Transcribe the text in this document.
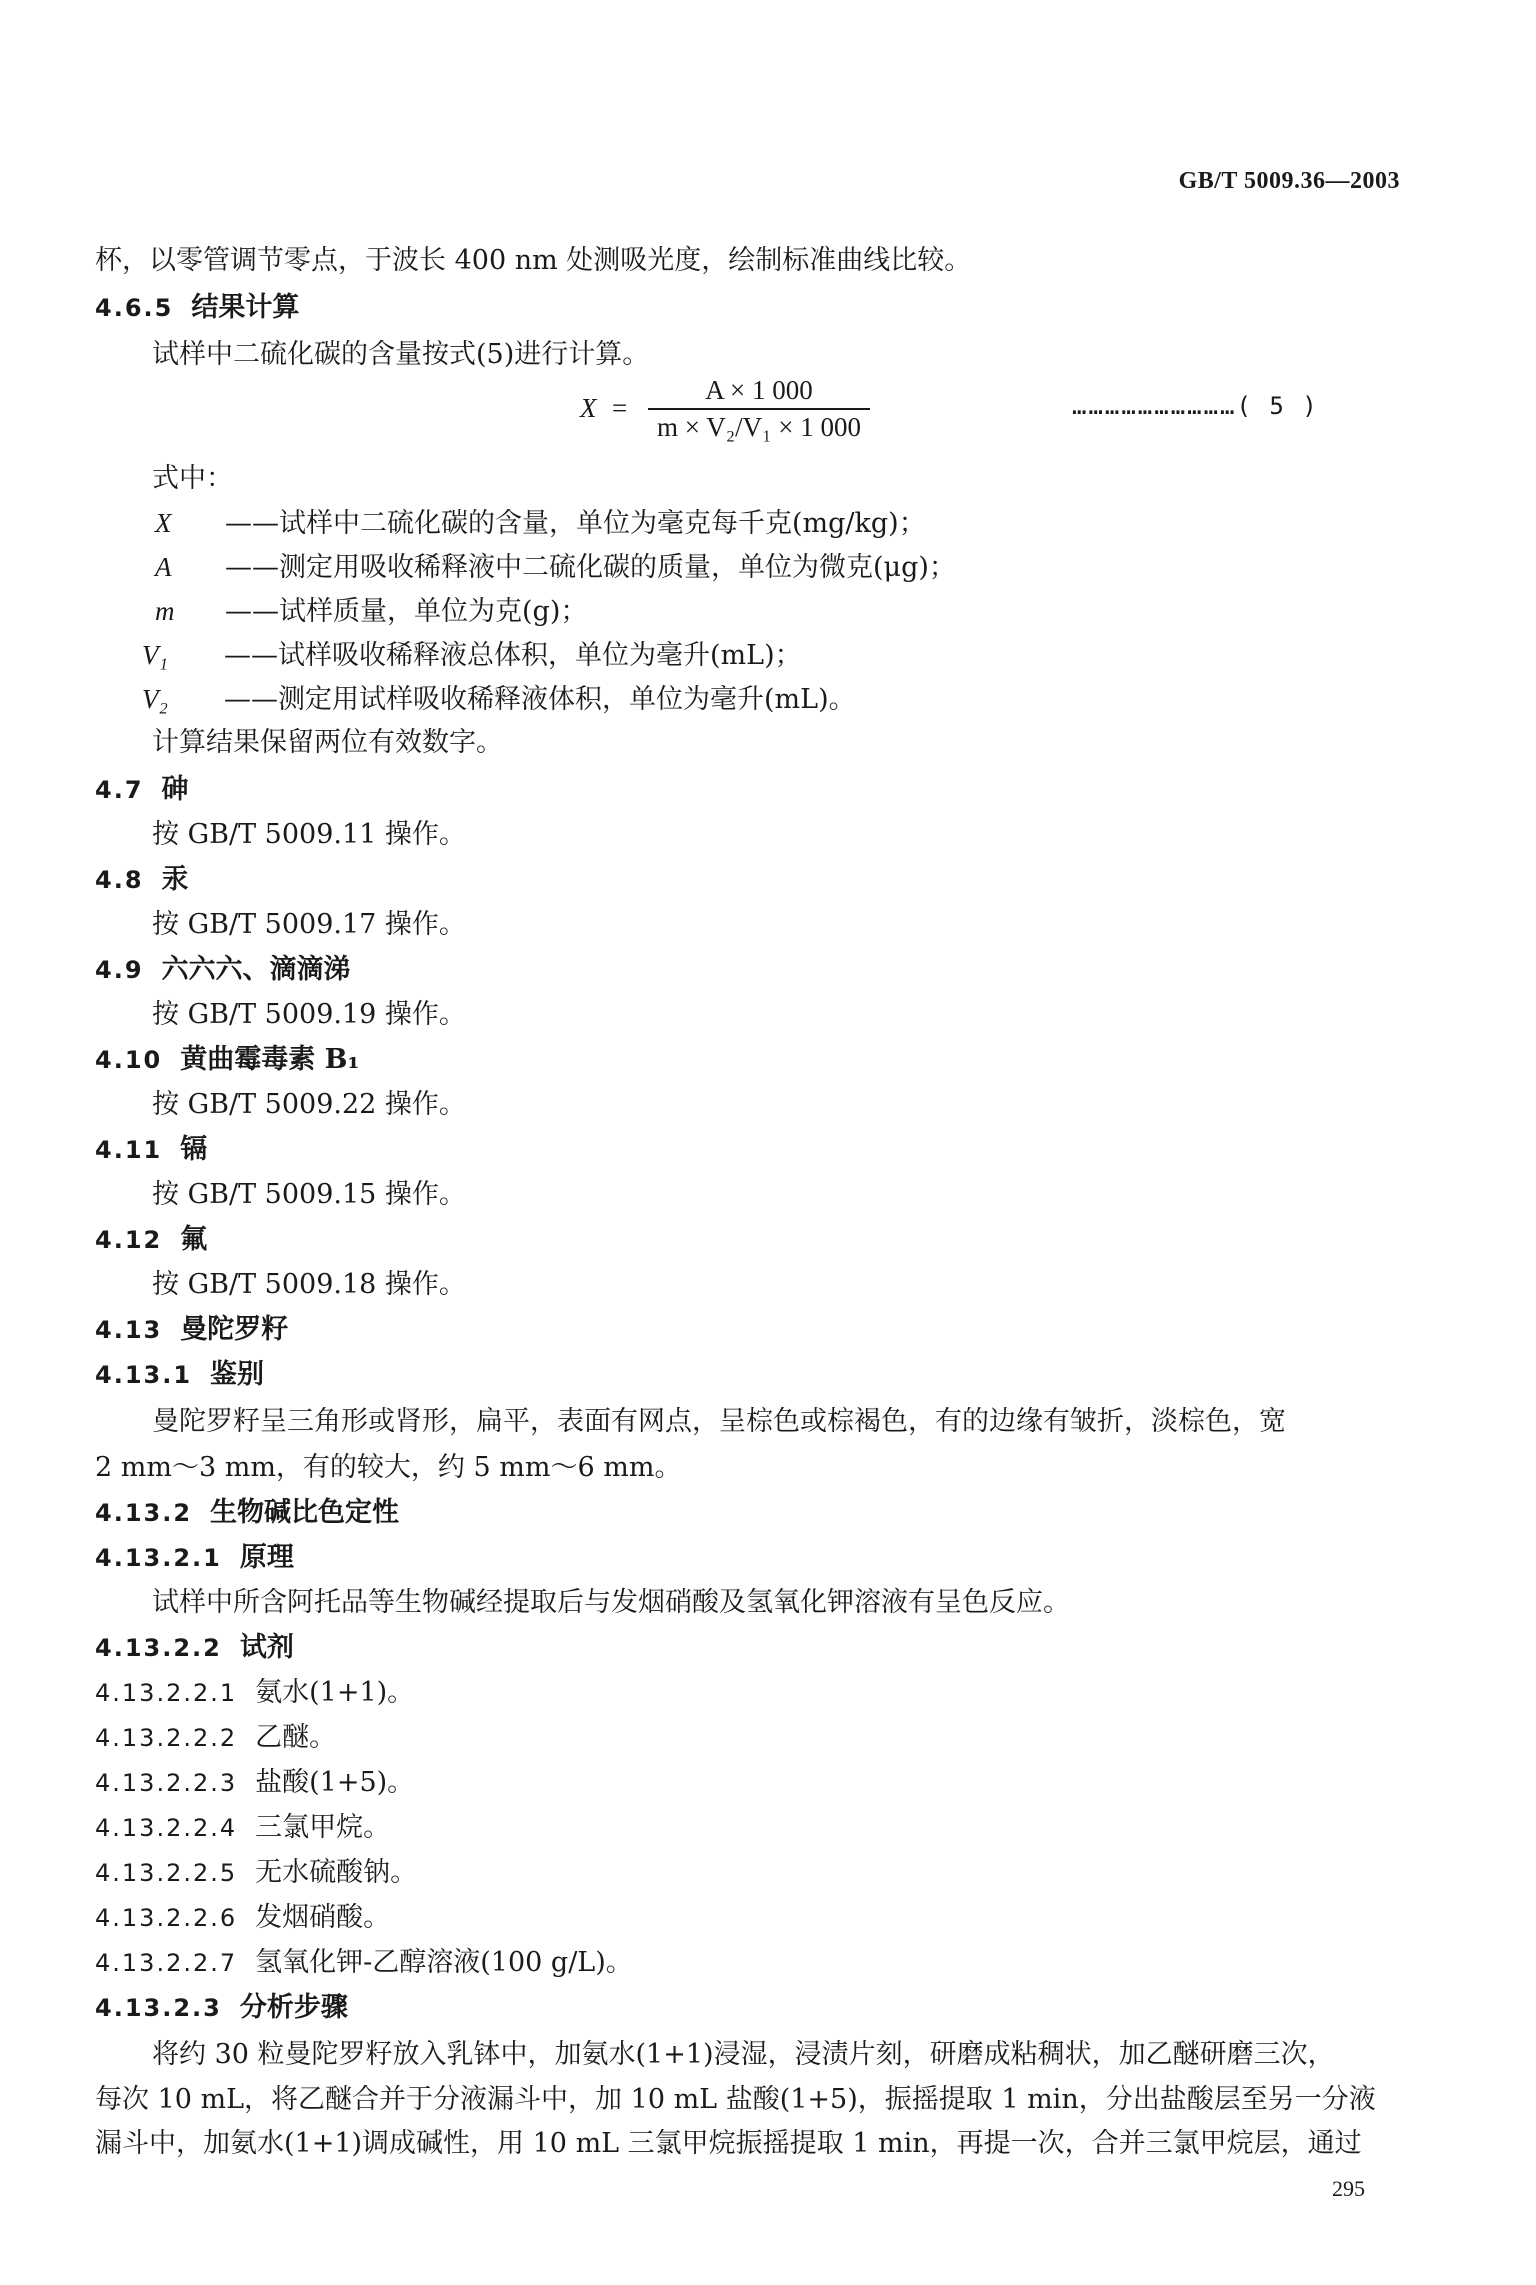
GB/T 5009.36—2003
杯，以零管调节零点，于波长 400 nm 处测吸光度，绘制标准曲线比较。
4.6.5 结果计算
试样中二硫化碳的含量按式(5)进行计算。
X =
A × 1 000
m × V₂/V₁ × 1 000
…………………………( 5 )
式中：
X ——试样中二硫化碳的含量，单位为毫克每千克(mg/kg)；
A ——测定用吸收稀释液中二硫化碳的质量，单位为微克(μg)；
m ——试样质量，单位为克(g)；
V₁ ——试样吸收稀释液总体积，单位为毫升(mL)；
V₂ ——测定用试样吸收稀释液体积，单位为毫升(mL)。
计算结果保留两位有效数字。
4.7 砷
按 GB/T 5009.11 操作。
4.8 汞
按 GB/T 5009.17 操作。
4.9 六六六、滴滴涕
按 GB/T 5009.19 操作。
4.10 黄曲霉毒素 B₁
按 GB/T 5009.22 操作。
4.11 镉
按 GB/T 5009.15 操作。
4.12 氟
按 GB/T 5009.18 操作。
4.13 曼陀罗籽
4.13.1 鉴别
曼陀罗籽呈三角形或肾形，扁平，表面有网点，呈棕色或棕褐色，有的边缘有皱折，淡棕色，宽
2 mm～3 mm，有的较大，约 5 mm～6 mm。
4.13.2 生物碱比色定性
4.13.2.1 原理
试样中所含阿托品等生物碱经提取后与发烟硝酸及氢氧化钾溶液有呈色反应。
4.13.2.2 试剂
4.13.2.2.1 氨水(1+1)。
4.13.2.2.2 乙醚。
4.13.2.2.3 盐酸(1+5)。
4.13.2.2.4 三氯甲烷。
4.13.2.2.5 无水硫酸钠。
4.13.2.2.6 发烟硝酸。
4.13.2.2.7 氢氧化钾-乙醇溶液(100 g/L)。
4.13.2.3 分析步骤
将约 30 粒曼陀罗籽放入乳钵中，加氨水(1+1)浸湿，浸渍片刻，研磨成粘稠状，加乙醚研磨三次，
每次 10 mL，将乙醚合并于分液漏斗中，加 10 mL 盐酸(1+5)，振摇提取 1 min，分出盐酸层至另一分液
漏斗中，加氨水(1+1)调成碱性，用 10 mL 三氯甲烷振摇提取 1 min，再提一次，合并三氯甲烷层，通过
295
